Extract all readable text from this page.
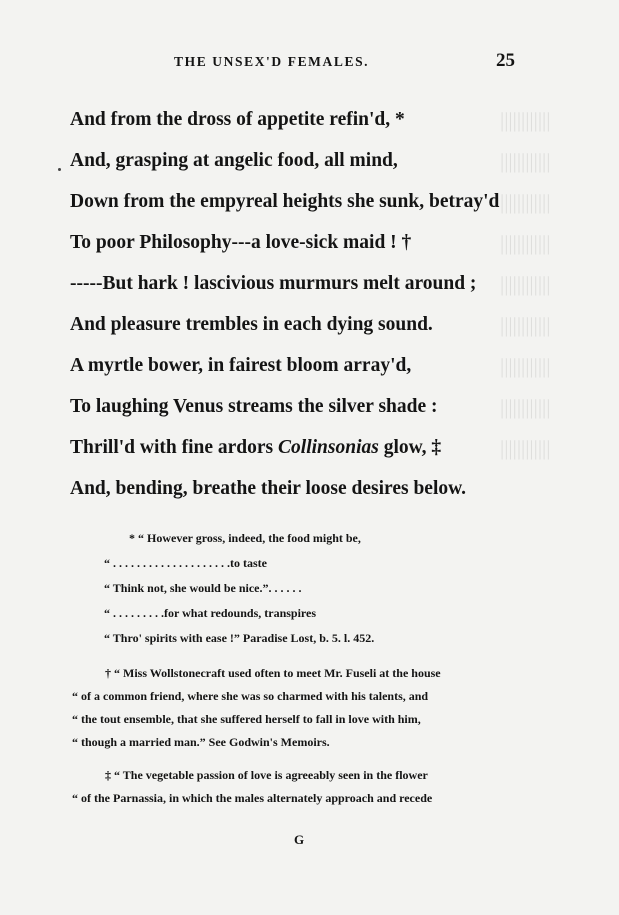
||||||||||||
||||||||||||
||||||||||||
||||||||||||
||||||||||||
||||||||||||
||||||||||||
||||||||||||
||||||||||||
THE UNSEX'D FEMALES.	25
And from the dross of appetite refin'd, *
And, grasping at angelic food, all mind,
Down from the empyreal heights she sunk, betray'd
To poor Philosophy---a love-sick maid ! †
-----But hark ! lascivious murmurs melt around ;
And pleasure trembles in each dying sound.
A myrtle bower, in fairest bloom array'd,
To laughing Venus streams the silver shade :
Thrill'd with fine ardors Collinsonias glow, ‡
And, bending, breathe their loose desires below.
* “ However gross, indeed, the food might be,
“ . . . . . . . . . . . . . . . . . . . .to taste
“ Think not, she would be nice.”. . . . . .
“ . . . . . . . . .for what redounds, transpires
“ Thro' spirits with ease !” Paradise Lost, b. 5. l. 452.
† “ Miss Wollstonecraft used often to meet Mr. Fuseli at the house
“ of a common friend, where she was so charmed with his talents, and
“ the tout ensemble, that she suffered herself to fall in love with him,
“ though a married man.” See Godwin's Memoirs.
‡ “ The vegetable passion of love is agreeably seen in the flower
“ of the Parnassia, in which the males alternately approach and recede
G
